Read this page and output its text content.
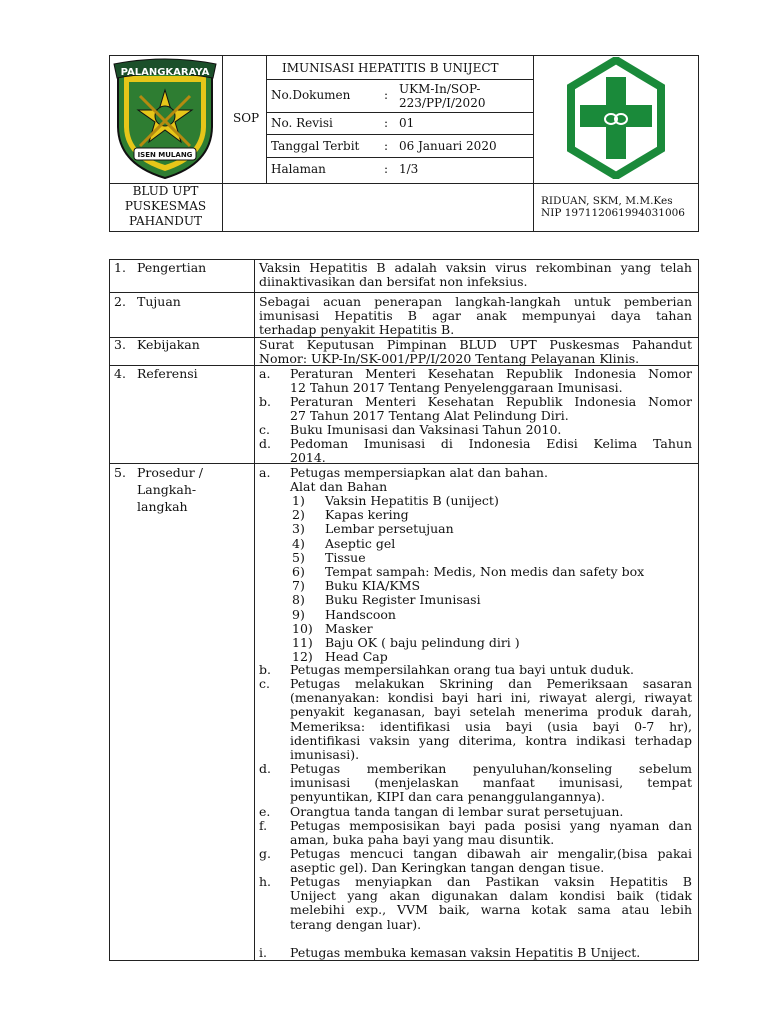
PALANGKARAYA
ISEN MULANG
SOP
IMUNISASI HEPATITIS B UNIJECT
No.Dokumen	: UKM-In/SOP-
223/PP/I/2020
No. Revisi	: 01
Tanggal Terbit : 06 Januari 2020
Halaman	: 1/3
BLUD UPT
PUSKESMAS
PAHANDUT
RIDUAN, SKM, M.M.Kes
NIP 197112061994031006
1. Pengertian	Vaksin Hepatitis B adalah vaksin virus rekombinan yang telah
diinaktivasikan dan bersifat non infeksius.
2. Tujuan	Sebagai acuan penerapan langkah-langkah untuk pemberian
imunisasi Hepatitis B agar anak mempunyai daya tahan
terhadap penyakit Hepatitis B.
3. Kebijakan	Surat Keputusan Pimpinan BLUD UPT Puskesmas Pahandut
Nomor: UKP-In/SK-001/PP/I/2020 Tentang Pelayanan Klinis.
4. Referensi	a. Peraturan Menteri Kesehatan Republik Indonesia Nomor
12 Tahun 2017 Tentang Penyelenggaraan Imunisasi.
b. Peraturan Menteri Kesehatan Republik Indonesia Nomor
27 Tahun 2017 Tentang Alat Pelindung Diri.
c. Buku Imunisasi dan Vaksinasi Tahun 2010.
d. Pedoman Imunisasi di Indonesia Edisi Kelima Tahun
2014.
5. Prosedur /
Langkah-
langkah
a. Petugas mempersiapkan alat dan bahan.
Alat dan Bahan
1) Vaksin Hepatitis B (uniject)
2) Kapas kering
3) Lembar persetujuan
4) Aseptic gel
5) Tissue
6) Tempat sampah: Medis, Non medis dan safety box
7) Buku KIA/KMS
8) Buku Register Imunisasi
9) Handscoon
10) Masker
11) Baju OK ( baju pelindung diri )
12) Head Cap
b. Petugas mempersilahkan orang tua bayi untuk duduk.
c. Petugas melakukan Skrining dan Pemeriksaan sasaran
(menanyakan: kondisi bayi hari ini, riwayat alergi, riwayat
penyakit keganasan, bayi setelah menerima produk darah,
Memeriksa: identifikasi usia bayi (usia bayi 0-7 hr),
identifikasi vaksin yang diterima, kontra indikasi terhadap
imunisasi).
d. Petugas memberikan penyuluhan/konseling sebelum
imunisasi (menjelaskan manfaat imunisasi, tempat
penyuntikan, KIPI dan cara penanggulangannya).
e. Orangtua tanda tangan di lembar surat persetujuan.
f. Petugas memposisikan bayi pada posisi yang nyaman dan
aman, buka paha bayi yang mau disuntik.
g. Petugas mencuci tangan dibawah air mengalir,(bisa pakai
aseptic gel). Dan Keringkan tangan dengan tisue.
h. Petugas menyiapkan dan Pastikan vaksin Hepatitis B
Uniject yang akan digunakan dalam kondisi baik (tidak
melebihi exp., VVM baik, warna kotak sama atau lebih
terang dengan luar).
i. Petugas membuka kemasan vaksin Hepatitis B Uniject.
